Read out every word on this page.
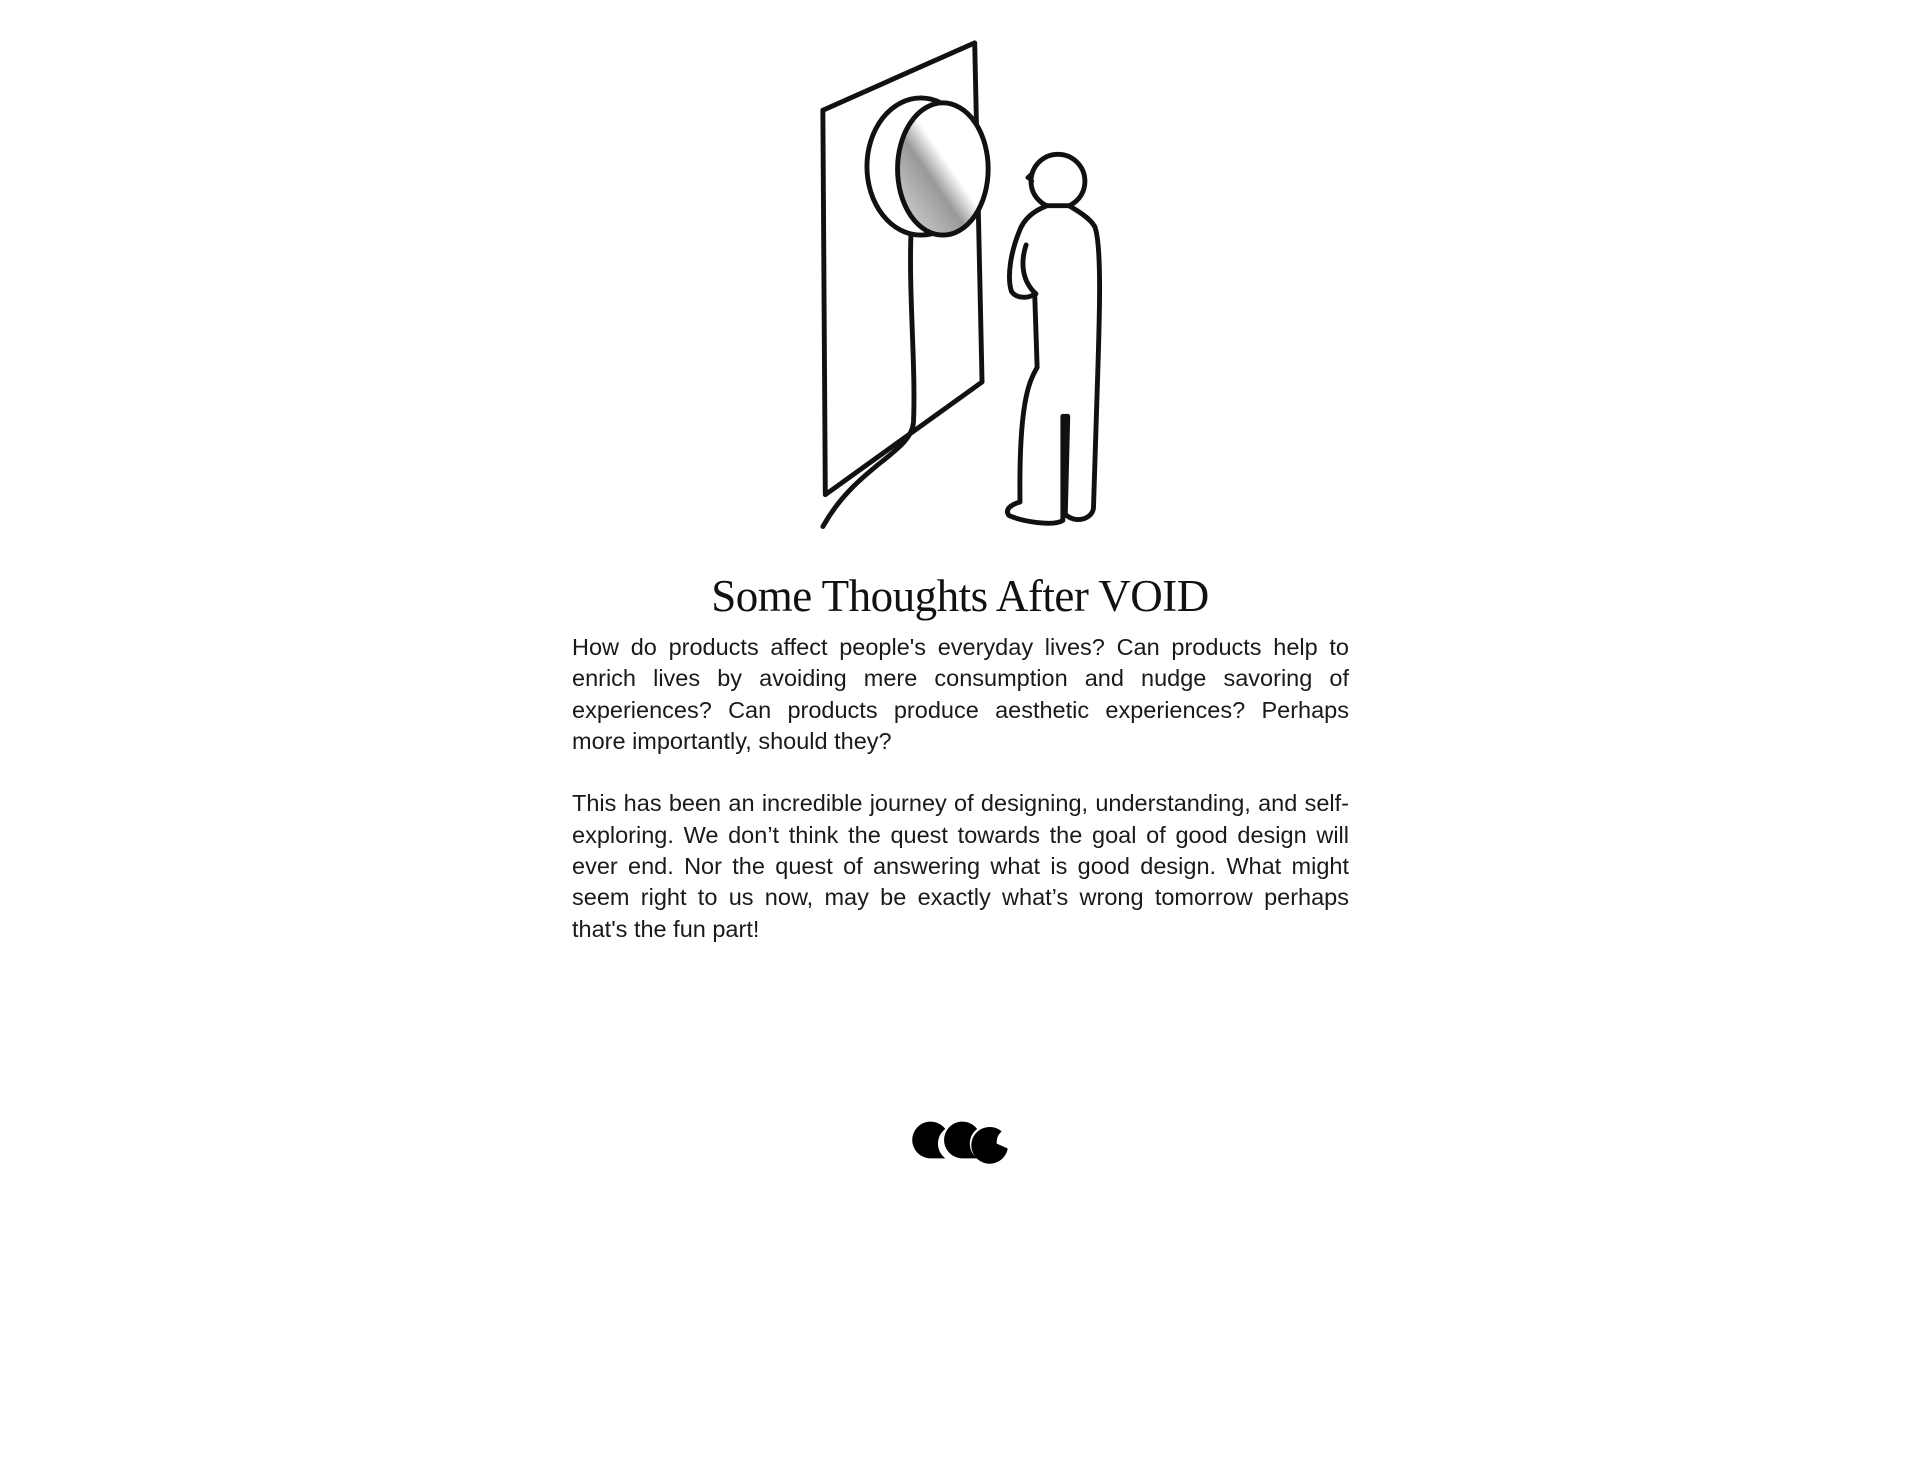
Some Thoughts After VOID

How do products affect people's everyday lives? Can products help to enrich lives by avoiding mere consumption and nudge savoring of experiences? Can products produce aesthetic experiences? Perhaps more importantly, should they?

This has been an incredible journey of designing, understanding, and self-exploring. We don’t think the quest towards the goal of good design will ever end. Nor the quest of answering what is good design. What might seem right to us now, may be exactly what’s wrong tomorrow perhaps that's the fun part!
